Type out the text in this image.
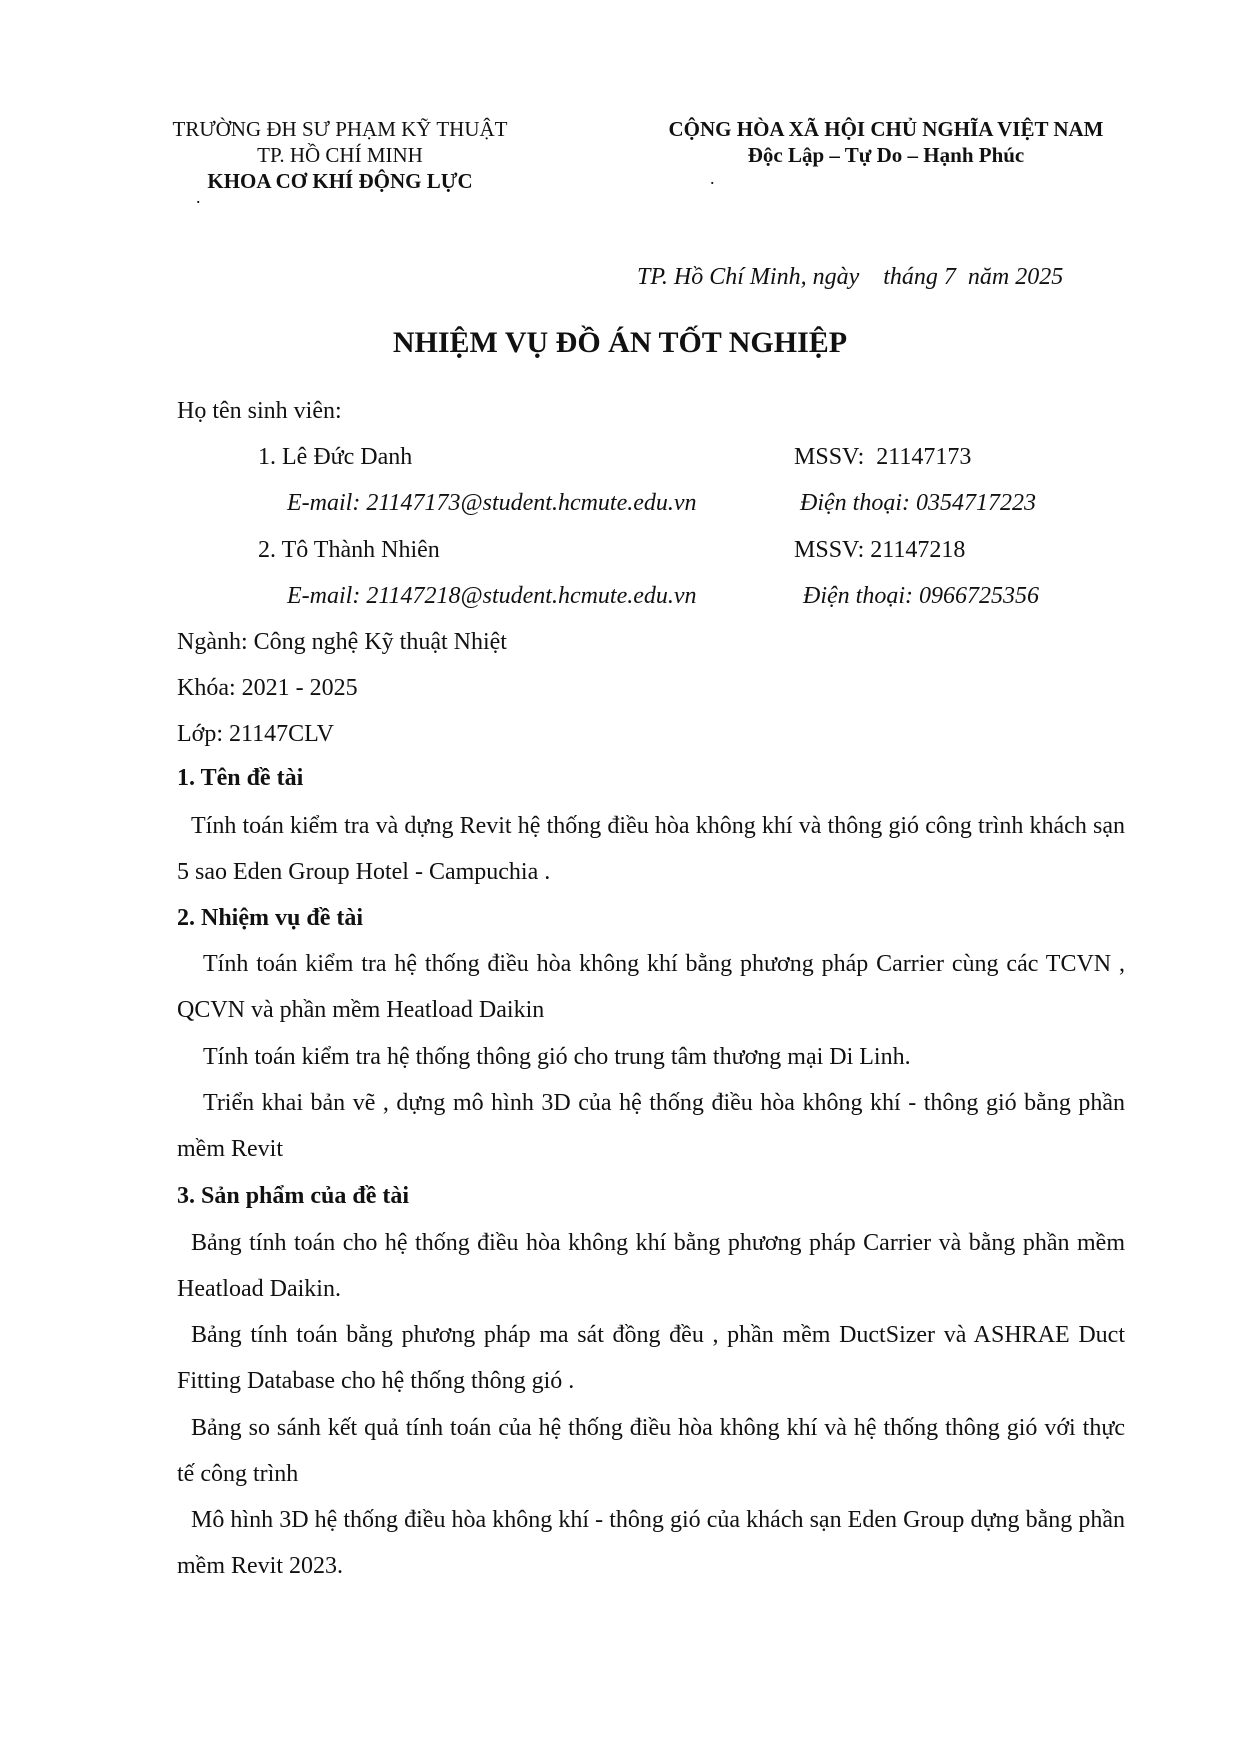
TRƯỜNG ĐH SƯ PHẠM KỸ THUẬT
TP. HỒ CHÍ MINH
KHOA CƠ KHÍ ĐỘNG LỰC
.
CỘNG HÒA XÃ HỘI CHỦ NGHĨA VIỆT NAM
Độc Lập – Tự Do – Hạnh Phúc
.
TP. Hồ Chí Minh, ngày    tháng 7  năm 2025
NHIỆM VỤ ĐỒ ÁN TỐT NGHIỆP
Họ tên sinh viên:
1. Lê Đức Danh	MSSV:  21147173
E-mail: 21147173@student.hcmute.edu.vn	Điện thoại: 0354717223
2. Tô Thành Nhiên	MSSV: 21147218
E-mail: 21147218@student.hcmute.edu.vn	Điện thoại: 0966725356
Ngành: Công nghệ Kỹ thuật Nhiệt
Khóa: 2021 - 2025
Lớp: 21147CLV
1. Tên đề tài
Tính toán kiểm tra và dựng Revit hệ thống điều hòa không khí và thông gió công trình khách sạn 5 sao Eden Group Hotel - Campuchia .
2. Nhiệm vụ đề tài
Tính toán kiểm tra hệ thống điều hòa không khí bằng phương pháp Carrier cùng các TCVN , QCVN và phần mềm Heatload Daikin
Tính toán kiểm tra hệ thống thông gió cho trung tâm thương mại Di Linh.
Triển khai bản vẽ , dựng mô hình 3D của hệ thống điều hòa không khí - thông gió bằng phần mềm Revit
3. Sản phẩm của đề tài
Bảng tính toán cho hệ thống điều hòa không khí bằng phương pháp Carrier và bằng phần mềm Heatload Daikin.
Bảng tính toán bằng phương pháp ma sát đồng đều , phần mềm DuctSizer và ASHRAE Duct Fitting Database cho hệ thống thông gió .
Bảng so sánh kết quả tính toán của hệ thống điều hòa không khí và hệ thống thông gió với thực tế công trình
Mô hình 3D hệ thống điều hòa không khí - thông gió của khách sạn Eden Group dựng bằng phần mềm Revit 2023.
